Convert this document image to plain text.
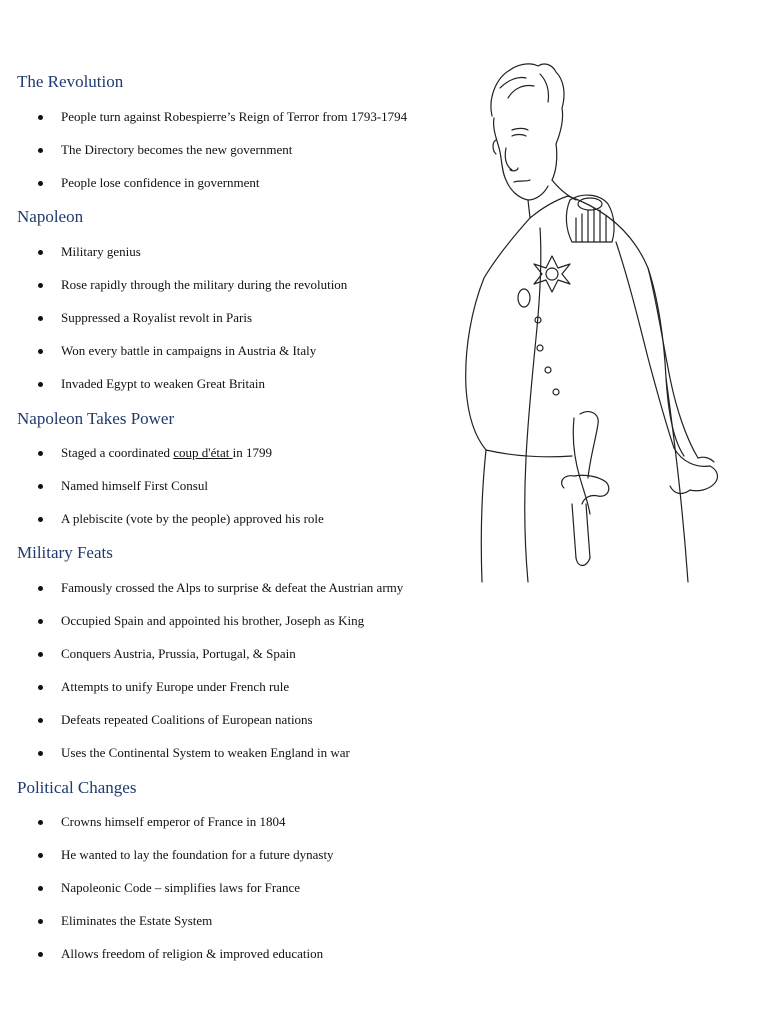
The Revolution

People turn against Robespierre’s Reign of Terror from 1793-1794

The Directory becomes the new government

People lose confidence in government

Napoleon

Military genius

Rose rapidly through the military during the revolution

Suppressed a Royalist revolt in Paris

Won every battle in campaigns in Austria & Italy

Invaded Egypt to weaken Great Britain

Napoleon Takes Power

Staged a coordinated coup d'état in 1799

Named himself First Consul

A plebiscite (vote by the people) approved his role

Military Feats

Famously crossed the Alps to surprise & defeat the Austrian army

Occupied Spain and appointed his brother, Joseph as King

Conquers Austria, Prussia, Portugal, & Spain

Attempts to unify Europe under French rule

Defeats repeated Coalitions of European nations

Uses the Continental System to weaken England in war

Political Changes

Crowns himself emperor of France in 1804

He wanted to lay the foundation for a future dynasty

Napoleonic Code – simplifies laws for France

Eliminates the Estate System

Allows freedom of religion & improved education
